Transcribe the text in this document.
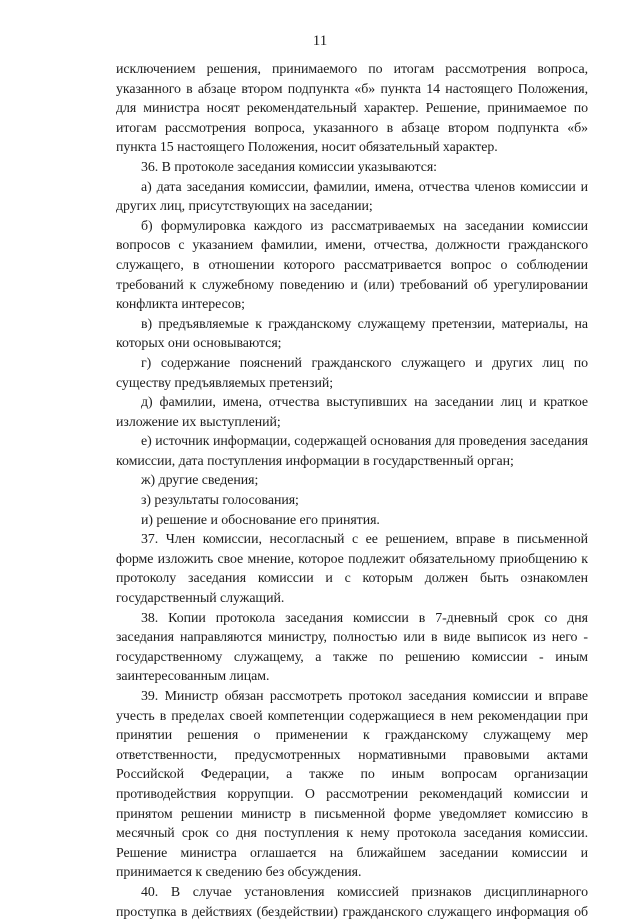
11
исключением решения, принимаемого по итогам рассмотрения вопроса,
указанного в абзаце втором подпункта «б» пункта 14 настоящего Положения,
для министра носят рекомендательный характер. Решение, принимаемое по
итогам рассмотрения вопроса, указанного в абзаце втором подпункта «б»
пункта 15 настоящего Положения, носит обязательный характер.
36. В протоколе заседания комиссии указываются:
а) дата заседания комиссии, фамилии, имена, отчества членов комиссии и
других лиц, присутствующих на заседании;
б) формулировка каждого из рассматриваемых на заседании комиссии
вопросов с указанием фамилии, имени, отчества, должности гражданского
служащего, в отношении которого рассматривается вопрос о соблюдении
требований к служебному поведению и (или) требований об урегулировании
конфликта интересов;
в) предъявляемые к гражданскому служащему претензии, материалы, на
которых они основываются;
г) содержание пояснений гражданского служащего и других лиц по
существу предъявляемых претензий;
д) фамилии, имена, отчества выступивших на заседании лиц и краткое
изложение их выступлений;
е) источник информации, содержащей основания для проведения заседания
комиссии, дата поступления информации в государственный орган;
ж) другие сведения;
з) результаты голосования;
и) решение и обоснование его принятия.
37. Член комиссии, несогласный с ее решением, вправе в письменной
форме изложить свое мнение, которое подлежит обязательному приобщению к
протоколу заседания комиссии и с которым должен быть ознакомлен
государственный служащий.
38. Копии протокола заседания комиссии в 7-дневный срок со дня
заседания направляются министру, полностью или в виде выписок из него -
государственному служащему, а также по решению комиссии - иным
заинтересованным лицам.
39. Министр обязан рассмотреть протокол заседания комиссии и вправе
учесть в пределах своей компетенции содержащиеся в нем рекомендации при
принятии решения о применении к гражданскому служащему мер
ответственности, предусмотренных нормативными правовыми актами
Российской Федерации, а также по иным вопросам организации
противодействия коррупции. О рассмотрении рекомендаций комиссии и
принятом решении министр в письменной форме уведомляет комиссию в
месячный срок со дня поступления к нему протокола заседания комиссии.
Решение министра оглашается на ближайшем заседании комиссии и
принимается к сведению без обсуждения.
40. В случае установления комиссией признаков дисциплинарного
проступка в действиях (бездействии) гражданского служащего информация об
